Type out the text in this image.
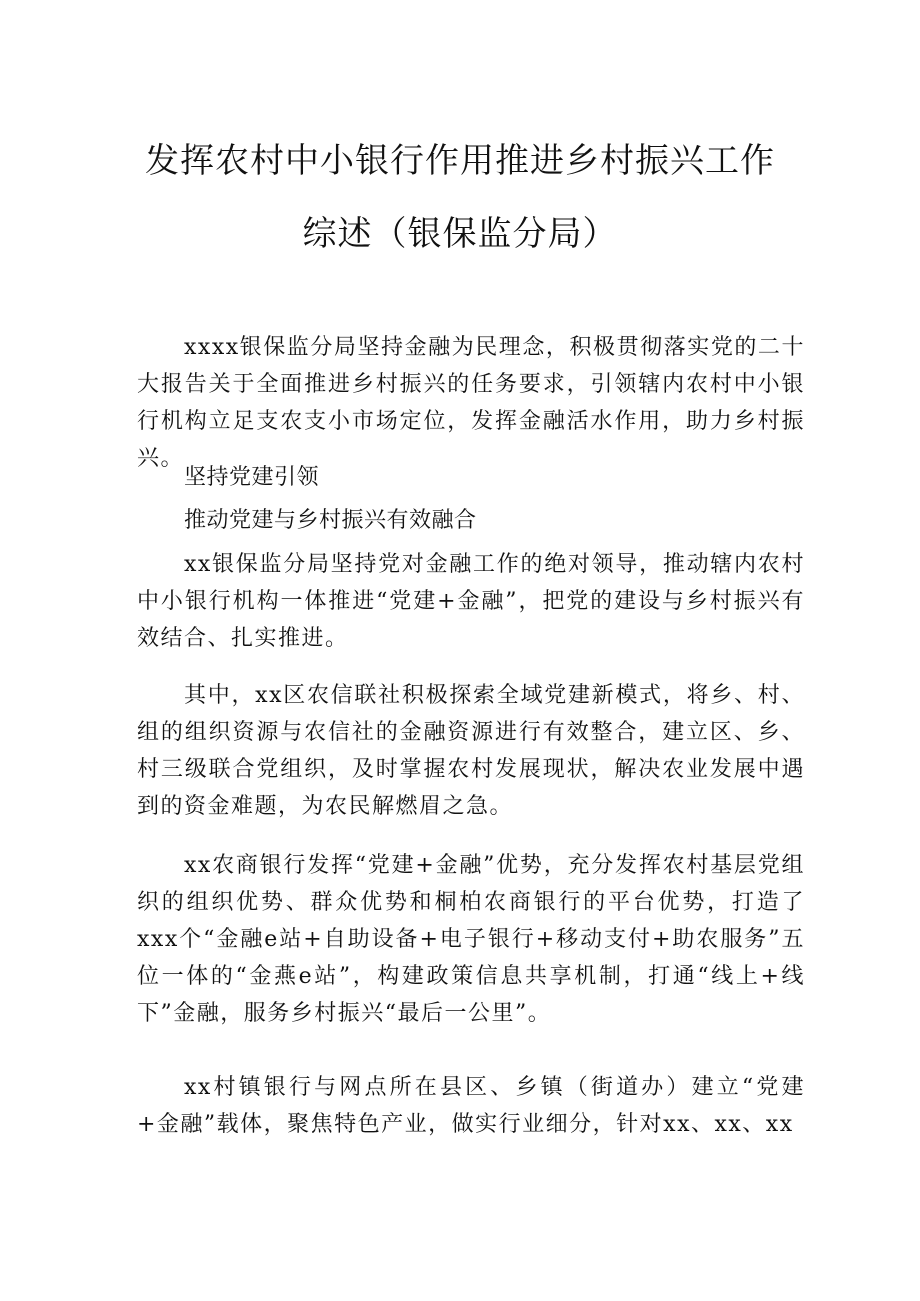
发挥农村中小银行作用推进乡村振兴工作
综述（银保监分局）

xxxx银保监分局坚持金融为民理念，积极贯彻落实党的二十大报告关于全面推进乡村振兴的任务要求，引领辖内农村中小银行机构立足支农支小市场定位，发挥金融活水作用，助力乡村振兴。

坚持党建引领
推动党建与乡村振兴有效融合

xx银保监分局坚持党对金融工作的绝对领导，推动辖内农村中小银行机构一体推进“党建+金融”，把党的建设与乡村振兴有效结合、扎实推进。

其中，xx区农信联社积极探索全域党建新模式，将乡、村、组的组织资源与农信社的金融资源进行有效整合，建立区、乡、村三级联合党组织，及时掌握农村发展现状，解决农业发展中遇到的资金难题，为农民解燃眉之急。

xx农商银行发挥“党建+金融”优势，充分发挥农村基层党组织的组织优势、群众优势和桐柏农商银行的平台优势，打造了xxx个“金融e站+自助设备+电子银行+移动支付+助农服务”五位一体的“金燕e站”，构建政策信息共享机制，打通“线上+线下”金融，服务乡村振兴“最后一公里”。

xx村镇银行与网点所在县区、乡镇（街道办）建立“党建+金融”载体，聚焦特色产业，做实行业细分，针对xx、xx、xx
